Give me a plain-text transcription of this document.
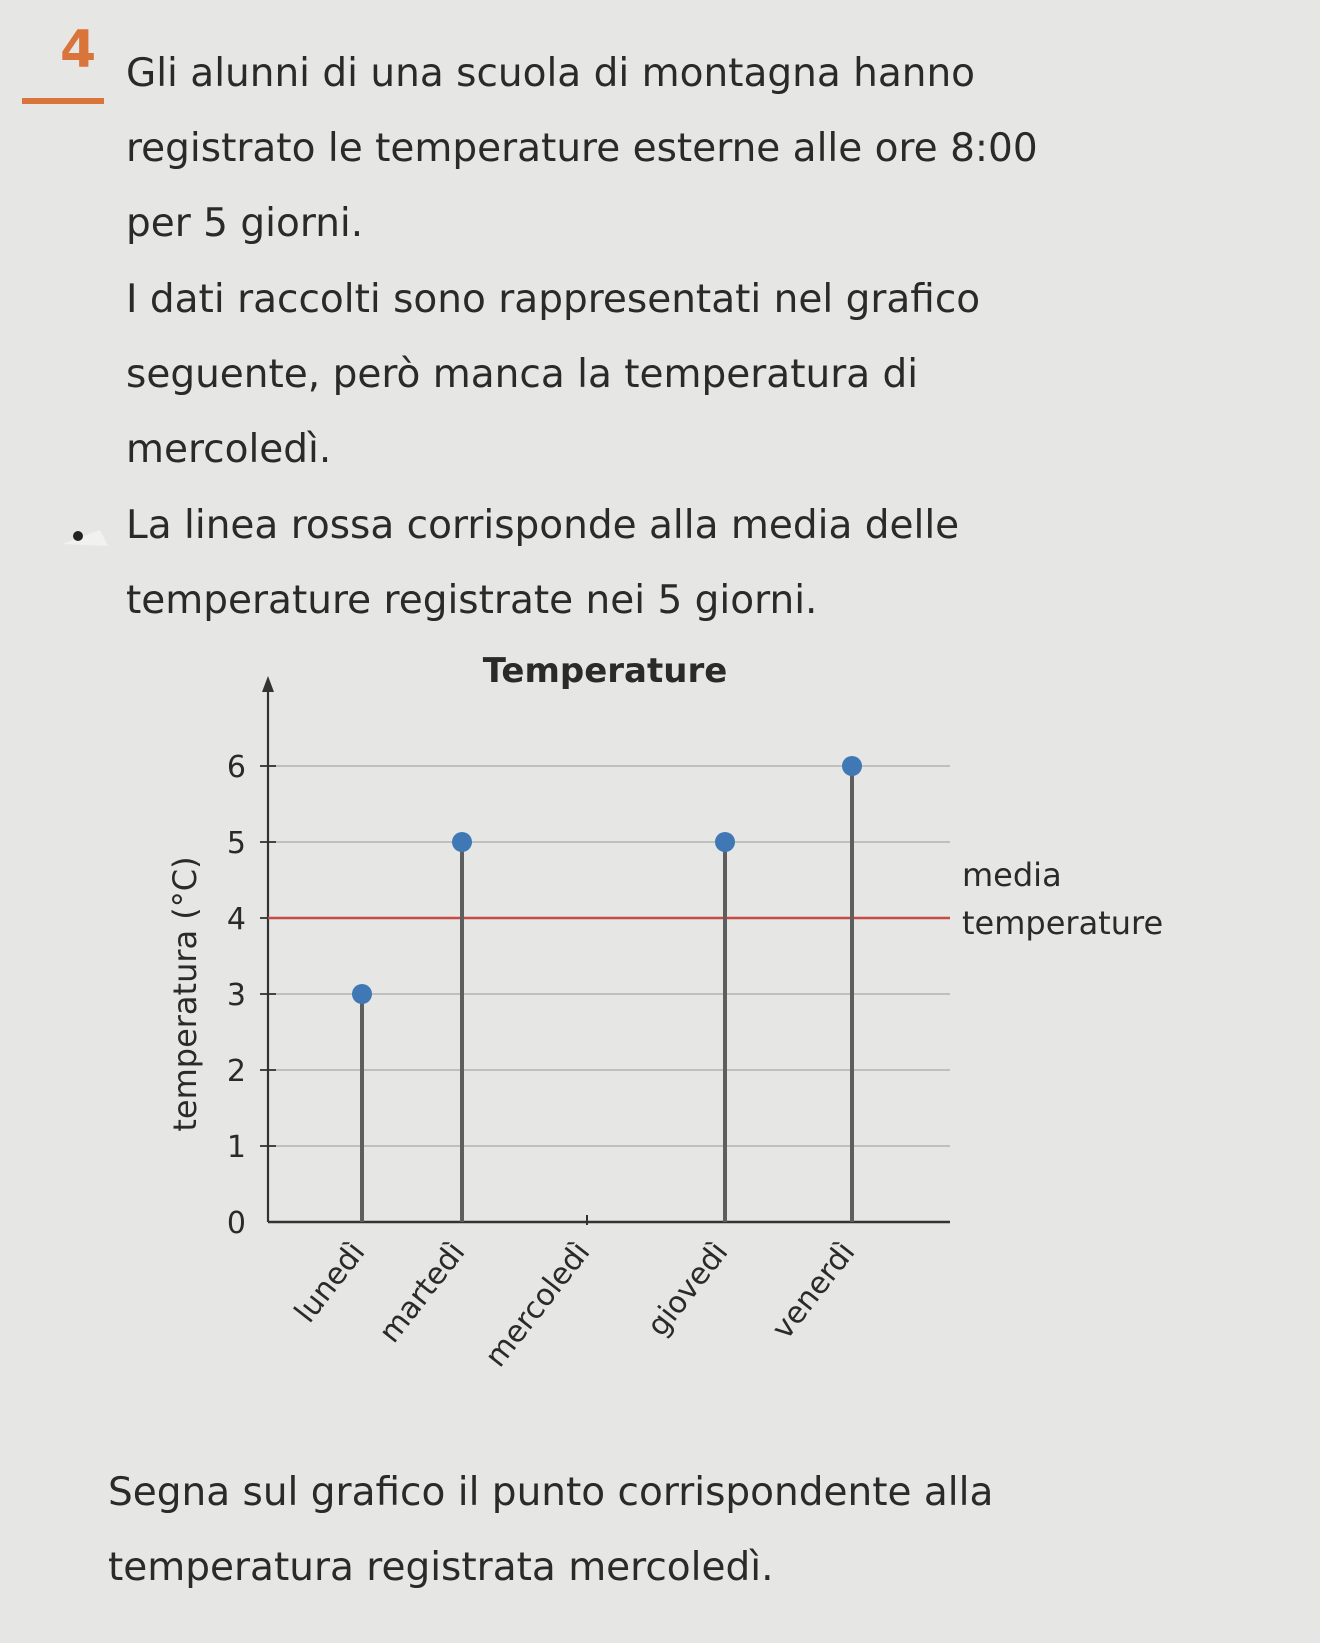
4 Gli alunni di una scuola di montagna hanno
registrato le temperature esterne alle ore 8:00
per 5 giorni.

I dati raccolti sono rappresentati nel grafico
seguente, però manca la temperatura di
mercoledì.

La linea rossa corrisponde alla media delle
temperature registrate nei 5 giorni.

0
1
2
3
4
5
6
temperatura (°C)
Temperature
media
temperature
lunedì martedì mercoledì giovedì venerdì

Segna sul grafico il punto corrispondente alla
temperatura registrata mercoledì.
